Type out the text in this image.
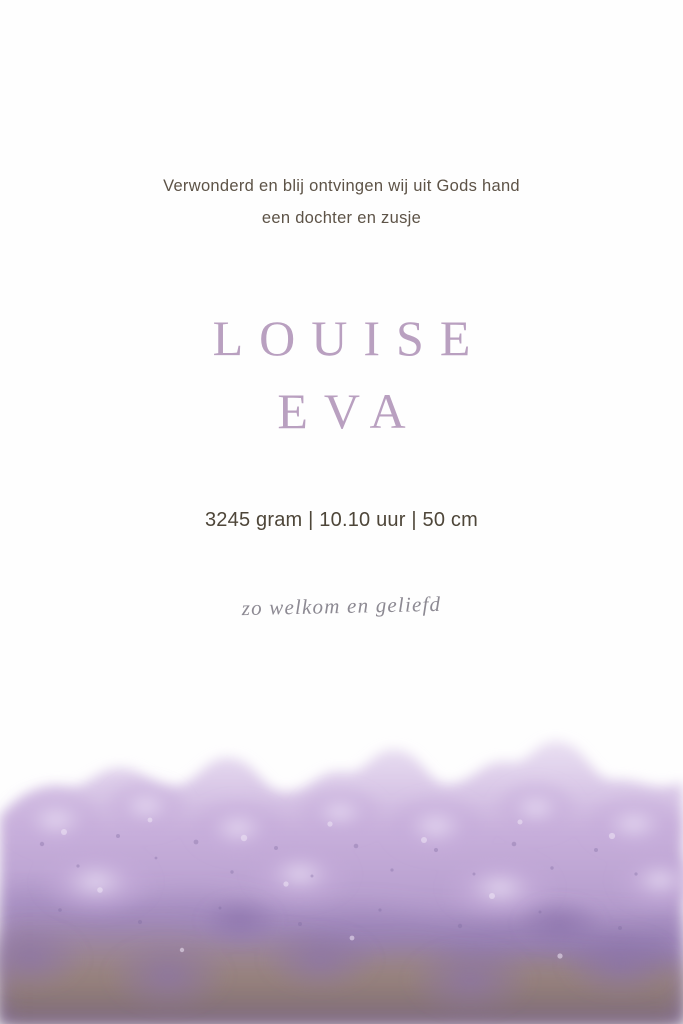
Verwonderd en blij ontvingen wij uit Gods hand
een dochter en zusje
LOUISE
EVA
3245 gram | 10.10 uur | 50 cm
zo welkom en geliefd
